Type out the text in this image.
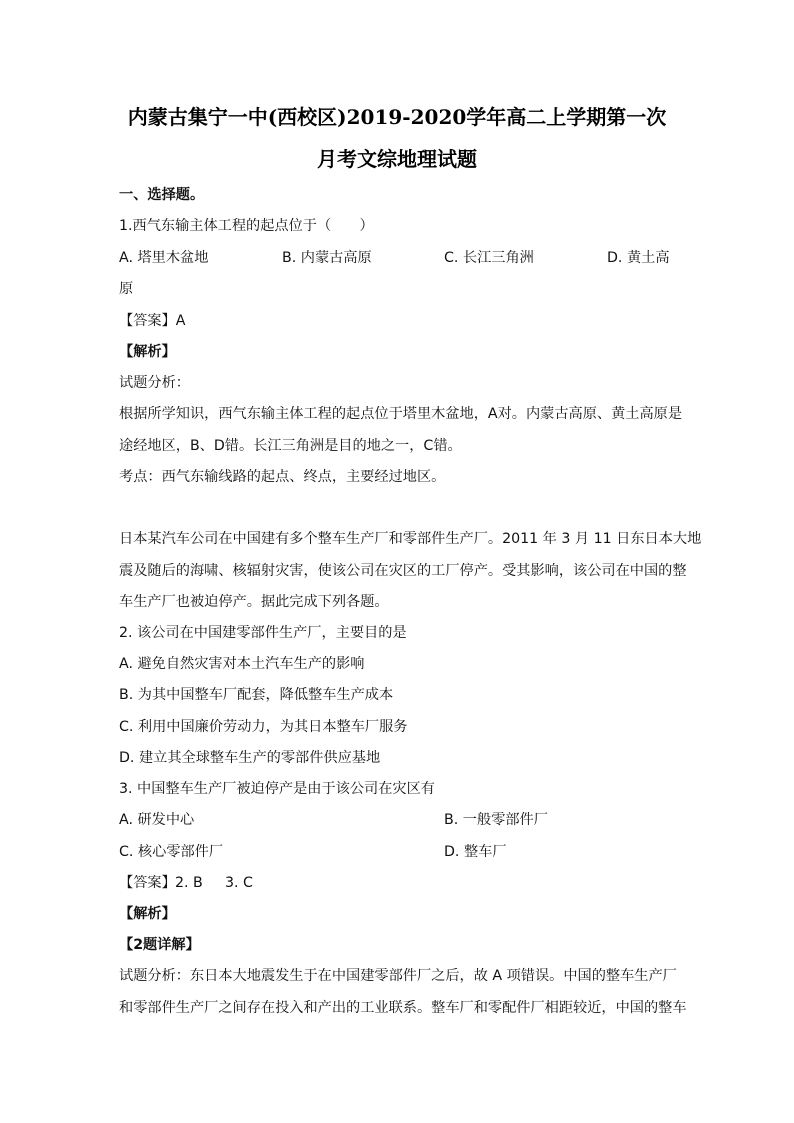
内蒙古集宁一中(西校区)2019-2020学年高二上学期第一次
月考文综地理试题
一、选择题。
1.西气东输主体工程的起点位于（　　）
A. 塔里木盆地	B. 内蒙古高原	C. 长江三角洲	D. 黄土高
原
【答案】A
【解析】
试题分析：
根据所学知识，西气东输主体工程的起点位于塔里木盆地，A对。内蒙古高原、黄土高原是
途经地区，B、D错。长江三角洲是目的地之一，C错。
考点：西气东输线路的起点、终点，主要经过地区。
日本某汽车公司在中国建有多个整车生产厂和零部件生产厂。2011 年 3 月 11 日东日本大地
震及随后的海啸、核辐射灾害，使该公司在灾区的工厂停产。受其影响，该公司在中国的整
车生产厂也被迫停产。据此完成下列各题。
2. 该公司在中国建零部件生产厂，主要目的是
A. 避免自然灾害对本土汽车生产的影响
B. 为其中国整车厂配套，降低整车生产成本
C. 利用中国廉价劳动力，为其日本整车厂服务
D. 建立其全球整车生产的零部件供应基地
3. 中国整车生产厂被迫停产是由于该公司在灾区有
A. 研发中心	B. 一般零部件厂
C. 核心零部件厂	D. 整车厂
【答案】 2. B 3. C
【解析】
【2题详解】
试题分析：东日本大地震发生于在中国建零部件厂之后，故 A 项错误。中国的整车生产厂
和零部件生产厂之间存在投入和产出的工业联系。整车厂和零配件厂相距较近，中国的整车
